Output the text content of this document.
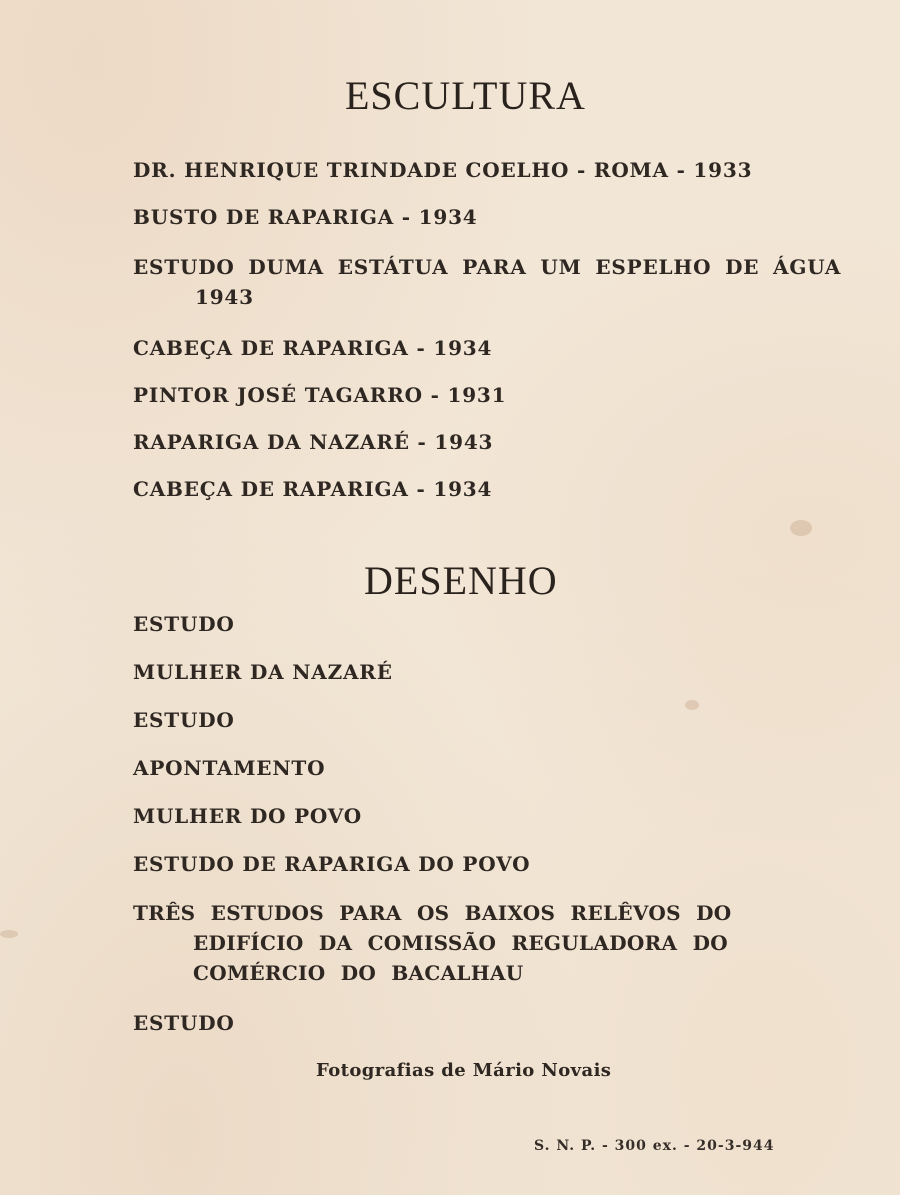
ESCULTURA
DR. HENRIQUE TRINDADE COELHO - ROMA - 1933
BUSTO DE RAPARIGA - 1934
ESTUDO DUMA ESTÁTUA PARA UM ESPELHO DE ÁGUA 1943
CABEÇA DE RAPARIGA - 1934
PINTOR JOSÉ TAGARRO - 1931
RAPARIGA DA NAZARÉ - 1943
CABEÇA DE RAPARIGA - 1934
DESENHO
ESTUDO
MULHER DA NAZARÉ
ESTUDO
APONTAMENTO
MULHER DO POVO
ESTUDO DE RAPARIGA DO POVO
TRÊS ESTUDOS PARA OS BAIXOS RELÊVOS DO EDIFÍCIO DA COMISSÃO REGULADORA DO COMÉRCIO DO BACALHAU
ESTUDO
Fotografias de Mário Novais
S. N. P. - 300 ex. - 20-3-944
